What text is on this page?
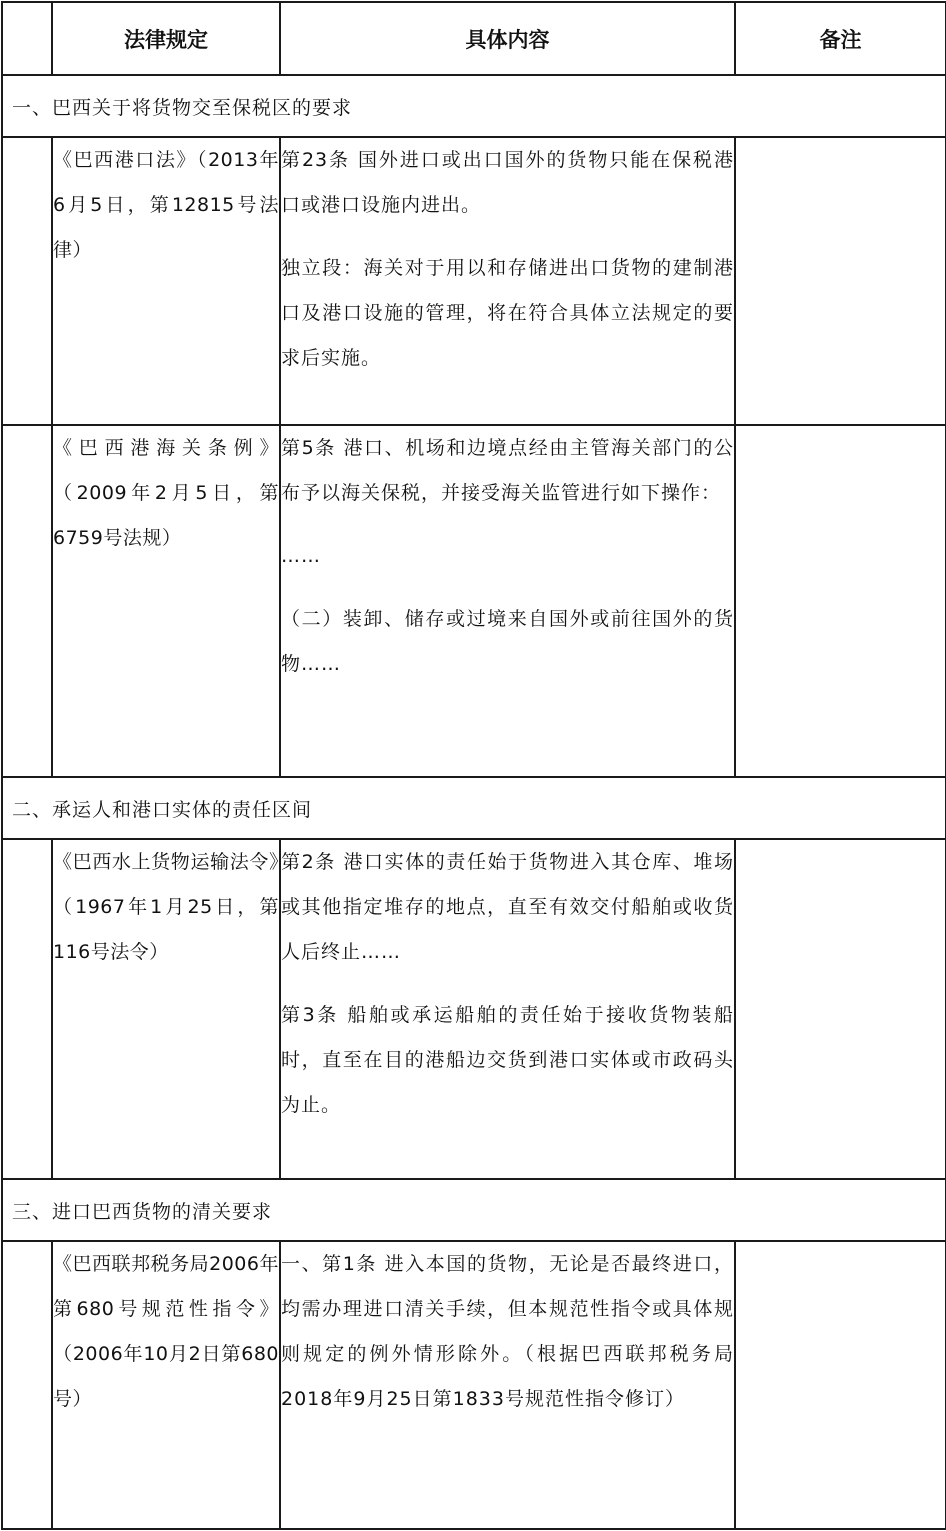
	法律规定	具体内容	备注
一、巴西关于将货物交至保税区的要求			
	《巴西港口法》（2013年6月5日，第12815号法律）	第23条 国外进口或出口国外的货物只能在保税港口或港口设施内进出。
独立段：海关对于用以和存储进出口货物的建制港口及港口设施的管理，将在符合具体立法规定的要求后实施。	

	《巴西港海关条例》（2009年2月5日，第6759号法规）	第5条 港口、机场和边境点经由主管海关部门的公布予以海关保税，并接受海关监管进行如下操作：
……
（二）装卸、储存或过境来自国外或前往国外的货物……	

二、承运人和港口实体的责任区间			
	《巴西水上货物运输法令》（1967年1月25日，第116号法令）	第2条 港口实体的责任始于货物进入其仓库、堆场或其他指定堆存的地点，直至有效交付船舶或收货人后终止……
第3条 船舶或承运船舶的责任始于接收货物装船时，直至在目的港船边交货到港口实体或市政码头为止。	

三、进口巴西货物的清关要求			
	《巴西联邦税务局2006年第680号规范性指令》（2006年10月2日第680号）	一、第1条 进入本国的货物，无论是否最终进口，均需办理进口清关手续，但本规范性指令或具体规则规定的例外情形除外。（根据巴西联邦税务局2018年9月25日第1833号规范性指令修订）	
